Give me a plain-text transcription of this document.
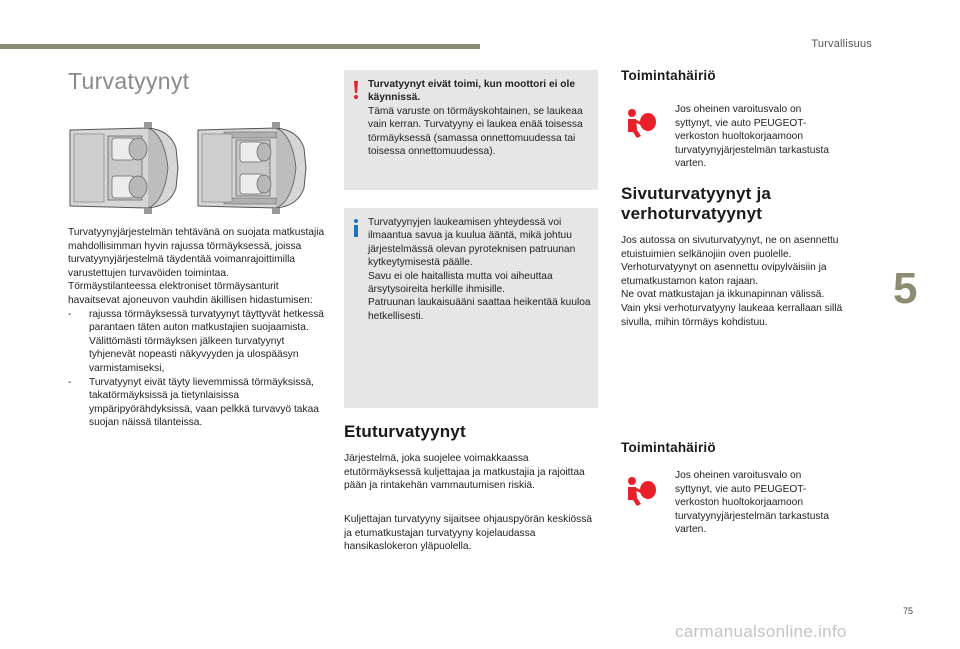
Turvallisuus
Turvatyynyt

Turvatyynyjärjestelmän tehtävänä on suojata matkustajia mahdollisimman hyvin rajussa törmäyksessä, joissa turvatyynyjärjestelmä täydentää voimanrajoittimilla varustettujen turvavöiden toimintaa.

Törmäystilanteessa elektroniset törmäysanturit havaitsevat ajoneuvon vauhdin äkillisen hidastumisen:

- rajussa törmäyksessä turvatyynyt täyttyvät hetkessä parantaen täten auton matkustajien suojaamista. Välittömästi törmäyksen jälkeen turvatyynyt tyhjenevät nopeasti näkyvyyden ja ulospääsyn varmistamiseksi,
- Turvatyynyt eivät täyty lievemmissä törmäyksissä, takatörmäyksissä ja tietynlaisissa ympäripyörähdyksissä, vaan pelkkä turvavyö takaa suojan näissä tilanteissa.
Turvatyynyt eivät toimi, kun moottori ei ole käynnissä.
Tämä varuste on törmäyskohtainen, se laukeaa vain kerran. Turvatyyny ei laukea enää toisessa törmäyksessä (samassa onnettomuudessa tai toisessa onnettomuudessa).
Turvatyynyjen laukeamisen yhteydessä voi ilmaantua savua ja kuulua ääntä, mikä johtuu järjestelmässä olevan pyroteknisen patruunan kytkeytymisestä päälle.
Savu ei ole haitallista mutta voi aiheuttaa ärsytysoireita herkille ihmisille.
Patruunan laukaisuääni saattaa heikentää kuuloa hetkellisesti.
Etuturvatyynyt

Järjestelmä, joka suojelee voimakkaassa etutörmäyksessä kuljettajaa ja matkustajia ja rajoittaa pään ja rintakehän vammautumisen riskiä.

Kuljettajan turvatyyny sijaitsee ohjauspyörän keskiössä ja etumatkustajan turvatyyny kojelaudassa hansikaslokeron yläpuolella.

Toimintahäiriö
Jos oheinen varoitusvalo on syttynyt, vie auto PEUGEOT-verkoston huoltokorjaamoon turvatyynyjärjestelmän tarkastusta varten.
Sivuturvatyynyt ja verhoturvatyynyt

Jos autossa on sivuturvatyynyt, ne on asennettu etuistuimien selkänojiin oven puolelle.

Verhoturvatyynyt on asennettu ovipylväisiin ja etumatkustamon katon rajaan.

Ne ovat matkustajan ja ikkunapinnan välissä.

Vain yksi verhoturvatyyny laukeaa kerrallaan sillä sivulla, mihin törmäys kohdistuu.

Toimintahäiriö
Jos oheinen varoitusvalo on syttynyt, vie auto PEUGEOT-verkoston huoltokorjaamoon turvatyynyjärjestelmän tarkastusta varten.
5
75
carmanualsonline.info
